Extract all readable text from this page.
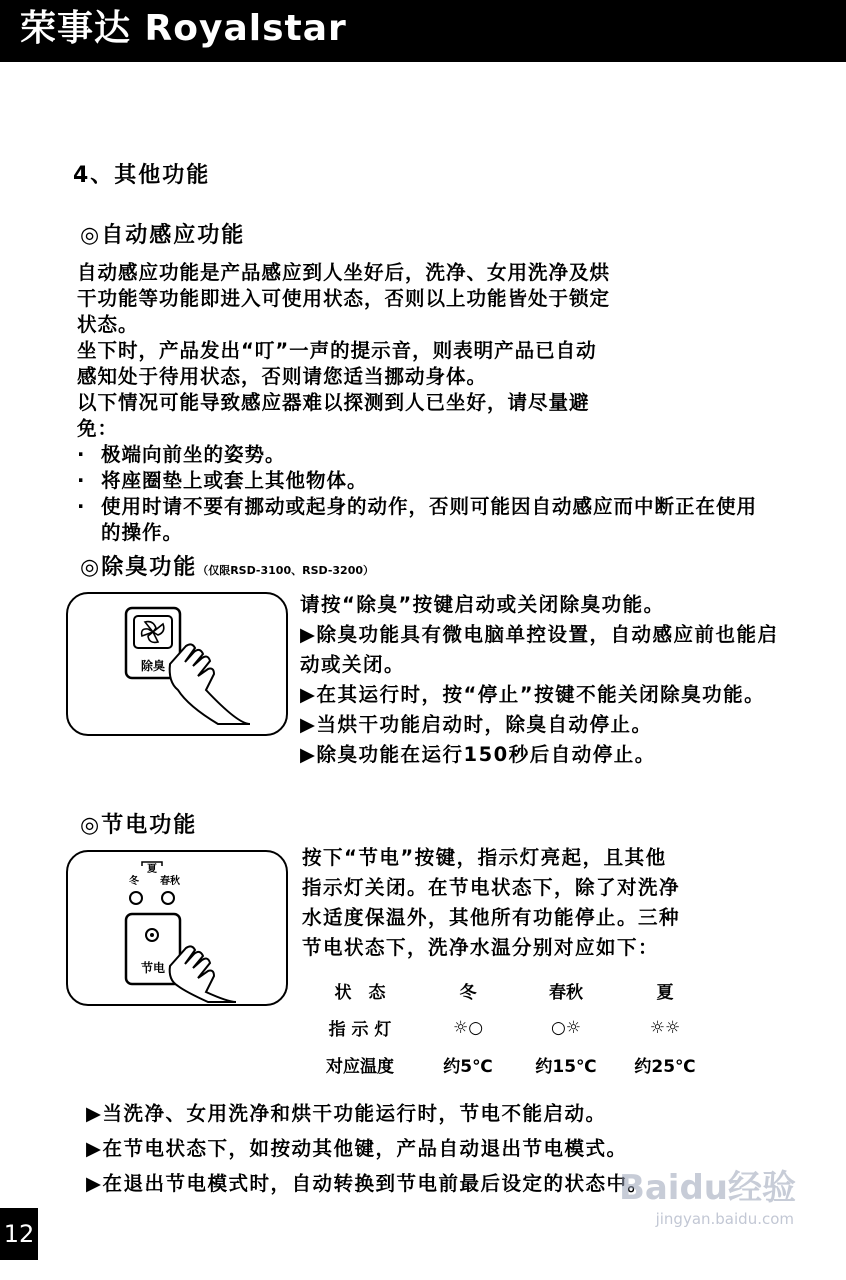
荣事达 Royalstar
4、其他功能
◎自动感应功能

自动感应功能是产品感应到人坐好后，洗净、女用洗净及烘

干功能等功能即进入可使用状态，否则以上功能皆处于锁定

状态。

坐下时，产品发出“叮”一声的提示音，则表明产品已自动

感知处于待用状态，否则请您适当挪动身体。

以下情况可能导致感应器难以探测到人已坐好，请尽量避

免：

· 极端向前坐的姿势。
· 将座圈垫上或套上其他物体。
· 使用时请不要有挪动或起身的动作，否则可能因自动感应而中断正在使用的操作。
◎除臭功能（仅限RSD-3100、RSD-3200）
除臭

请按“除臭”按键启动或关闭除臭功能。

▶除臭功能具有微电脑单控设置，自动感应前也能启动或关闭。

▶在其运行时，按“停止”按键不能关闭除臭功能。

▶当烘干功能启动时，除臭自动停止。

▶除臭功能在运行150秒后自动停止。

◎节电功能
夏
冬 春秋
节电

按下“节电”按键，指示灯亮起，且其他

指示灯关闭。在节电状态下，除了对洗净

水适度保温外，其他所有功能停止。三种

节电状态下，洗净水温分别对应如下：

状　态	冬	春秋	夏
指 示 灯	☼○	○☼	☼☼
对应温度	约5℃	约15℃	约25℃
▶当洗净、女用洗净和烘干功能运行时，节电不能启动。
▶在节电状态下，如按动其他键，产品自动退出节电模式。
▶在退出节电模式时，自动转换到节电前最后设定的状态中。
Baidu经验
jingyan.baidu.com
12
